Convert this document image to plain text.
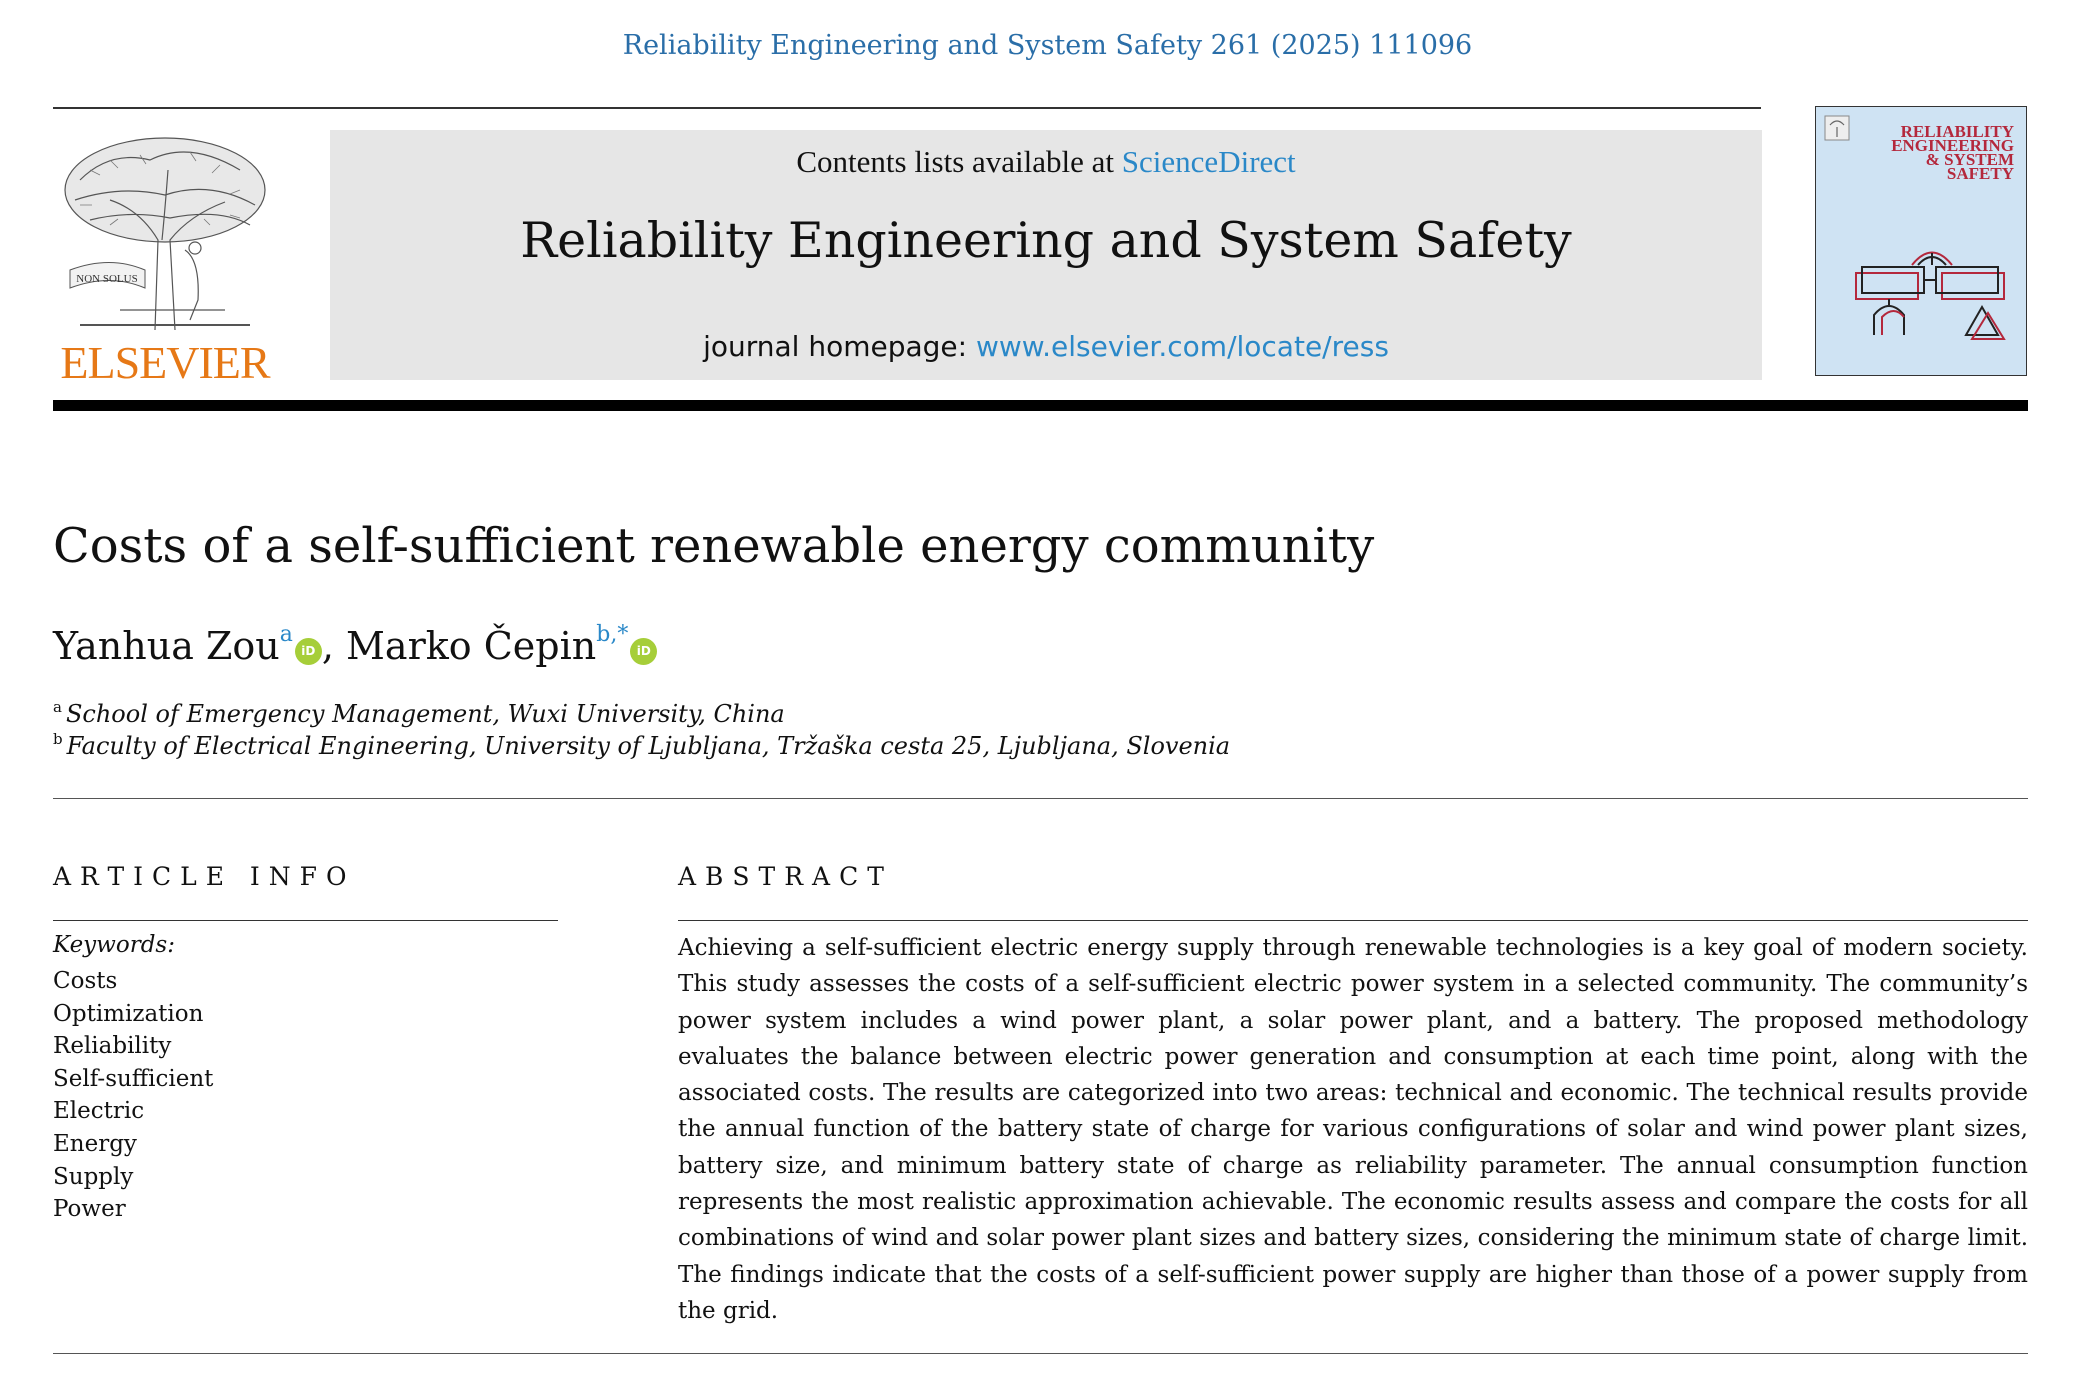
Reliability Engineering and System Safety 261 (2025) 111096
NON SOLUS
ELSEVIER
Contents lists available at ScienceDirect
Reliability Engineering and System Safety
journal homepage: www.elsevier.com/locate/ress
RELIABILITY
ENGINEERING
& SYSTEM
SAFETY
Costs of a self-sufficient renewable energy community
Yanhua Zou$^a$iD , Marko Čepin$^{b,*}$iD
$^a$ School of Emergency Management, Wuxi University, China
$^b$ Faculty of Electrical Engineering, University of Ljubljana, Tržaška cesta 25, Ljubljana, Slovenia
ARTICLE INFO	ABSTRACT
Keywords:
Costs
Optimization
Reliability
Self-sufficient
Electric
Energy
Supply
Power

Achieving a self-sufficient electric energy supply through renewable technologies is a key goal of modern society. This study assesses the costs of a self-sufficient electric power system in a selected community. The community’s power system includes a wind power plant, a solar power plant, and a battery. The proposed methodology evaluates the balance between electric power generation and consumption at each time point, along with the associated costs. The results are categorized into two areas: technical and economic. The technical results provide the annual function of the battery state of charge for various configurations of solar and wind power plant sizes, battery size, and minimum battery state of charge as reliability parameter. The annual consumption function represents the most realistic approximation achievable. The economic results assess and compare the costs for all combinations of wind and solar power plant sizes and battery sizes, considering the minimum state of charge limit. The findings indicate that the costs of a self-sufficient power supply are higher than those of a power supply from the grid.
